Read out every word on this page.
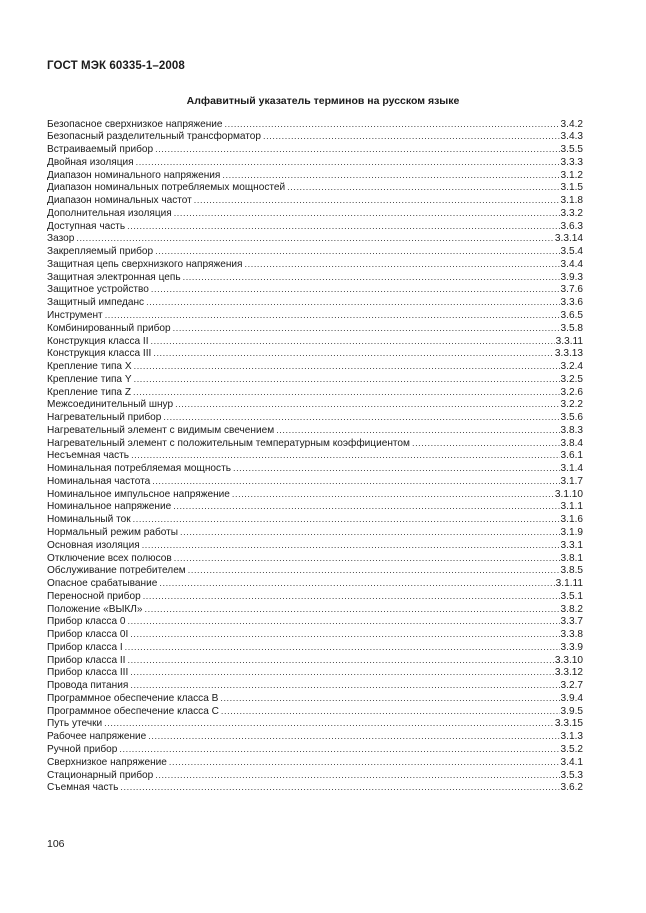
ГОСТ МЭК 60335-1–2008
Алфавитный указатель терминов на русском языке
Безопасное сверхнизкое напряжение .....	3.4.2
Безопасный разделительный трансформатор .....	3.4.3
Встраиваемый прибор .....	3.5.5
Двойная изоляция .....	3.3.3
Диапазон номинального напряжения .....	3.1.2
Диапазон номинальных потребляемых мощностей .....	3.1.5
Диапазон номинальных частот .....	3.1.8
Дополнительная изоляция .....	3.3.2
Доступная часть .....	3.6.3
Зазор .....	3.3.14
Закрепляемый прибор .....	3.5.4
Защитная цепь сверхнизкого напряжения .....	3.4.4
Защитная электронная цепь .....	3.9.3
Защитное устройство .....	3.7.6
Защитный импеданс .....	3.3.6
Инструмент .....	3.6.5
Комбинированный прибор .....	3.5.8
Конструкция класса II .....	3.3.11
Конструкция класса III .....	3.3.13
Крепление типа X .....	3.2.4
Крепление типа Y .....	3.2.5
Крепление типа Z .....	3.2.6
Межсоединительный шнур .....	3.2.2
Нагревательный прибор .....	3.5.6
Нагревательный элемент с видимым свечением .....	3.8.3
Нагревательный элемент с положительным температурным коэффициентом .....	3.8.4
Несъемная часть .....	3.6.1
Номинальная потребляемая мощность .....	3.1.4
Номинальная частота .....	3.1.7
Номинальное импульсное напряжение .....	3.1.10
Номинальное напряжение .....	3.1.1
Номинальный ток .....	3.1.6
Нормальный режим работы .....	3.1.9
Основная изоляция .....	3.3.1
Отключение всех полюсов .....	3.8.1
Обслуживание потребителем .....	3.8.5
Опасное срабатывание .....	3.1.11
Переносной прибор .....	3.5.1
Положение «ВЫКЛ» .....	3.8.2
Прибор класса 0 .....	3.3.7
Прибор класса 0I .....	3.3.8
Прибор класса I .....	3.3.9
Прибор класса II .....	3.3.10
Прибор класса III .....	3.3.12
Провода питания .....	3.2.7
Программное обеспечение класса B .....	3.9.4
Программное обеспечение класса C .....	3.9.5
Путь утечки .....	3.3.15
Рабочее напряжение .....	3.1.3
Ручной прибор .....	3.5.2
Сверхнизкое напряжение .....	3.4.1
Стационарный прибор .....	3.5.3
Съемная часть .....	3.6.2
106
